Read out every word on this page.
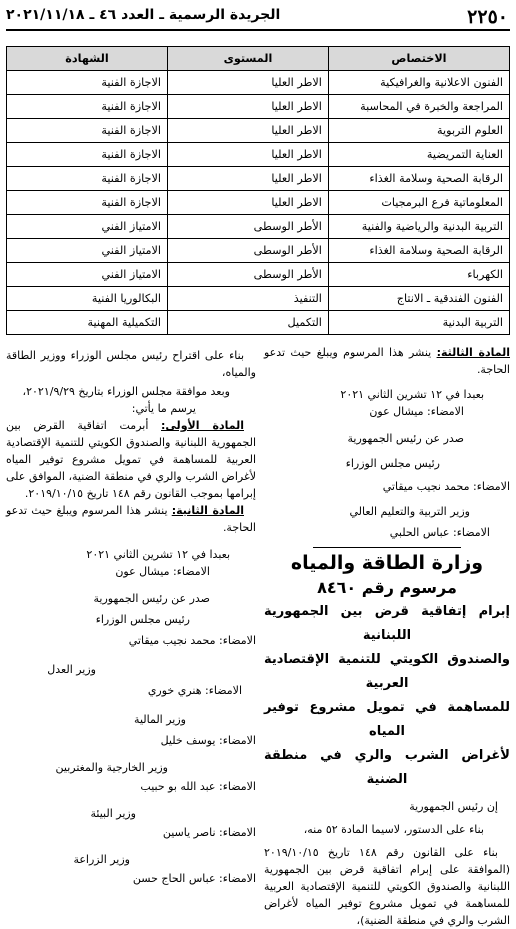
٢٢٥٠
الجريدة الرسمية ـ العدد ٤٦ ـ ٢٠٢١/١١/١٨
الاختصاص	المستوى	الشهادة
الفنون الاعلانية والغرافيكية	الاطر العليا	الاجازة الفنية
المراجعة والخبرة في المحاسبة	الاطر العليا	الاجازة الفنية
العلوم التربوية	الاطر العليا	الاجازة الفنية
العناية التمريضية	الاطر العليا	الاجازة الفنية
الرقابة الصحية وسلامة الغذاء	الاطر العليا	الاجازة الفنية
المعلوماتية فرع البرمجيات	الاطر العليا	الاجازة الفنية
التربية البدنية والرياضية والفنية	الأطر الوسطى	الامتياز الفني
الرقابة الصحية وسلامة الغذاء	الأطر الوسطى	الامتياز الفني
الكهرباء	الأطر الوسطى	الامتياز الفني
الفنون الفندقية ـ الانتاج	التنفيذ	البكالوريا الفنية
التربية البدنية	التكميل	التكميلية المهنية

المادة الثالثة: ينشر هذا المرسوم ويبلغ حيث تدعو الحاجة.

بعبدا في ١٢ تشرين الثاني ٢٠٢١

الامضاء: ميشال عون

صدر عن رئيس الجمهورية

رئيس مجلس الوزراء

الامضاء: محمد نجيب ميقاتي

وزير التربية والتعليم العالي

الامضاء: عباس الحلبي

وزارة الطاقة والمياه

مرسوم رقم ٨٤٦٠

إبرام إتفاقية قرض بين الجمهورية اللبنانية

والصندوق الكويتي للتنمية الإقتصادية العربية

للمساهمة في تمويل مشروع توفير المياه

لأغراض الشرب والري في منطقة الضنية

إن رئيس الجمهورية

بناء على الدستور، لاسيما المادة ٥٢ منه،

بناء على القانون رقم ١٤٨ تاريخ ٢٠١٩/١٠/١٥ (الموافقة على إبرام اتفاقية قرض بين الجمهورية اللبنانية والصندوق الكويتي للتنمية الإقتصادية العربية للمساهمة في تمويل مشروع توفير المياه لأغراض الشرب والري في منطقة الضنية)،

بناء على اقتراح رئيس مجلس الوزراء ووزير الطاقة والمياه،

وبعد موافقة مجلس الوزراء بتاريخ ٢٠٢١/٩/٢٩،

يرسم ما يأتي:

المادة الأولى: أبرمت اتفاقية القرض بين الجمهورية اللبنانية والصندوق الكويتي للتنمية الإقتصادية العربية للمساهمة في تمويل مشروع توفير المياه لأغراض الشرب والري في منطقة الضنية، الموافق على إبرامها بموجب القانون رقم ١٤٨ تاريخ ٢٠١٩/١٠/١٥.

المادة الثانية: ينشر هذا المرسوم ويبلغ حيث تدعو الحاجة.

بعبدا في ١٢ تشرين الثاني ٢٠٢١

الامضاء: ميشال عون

صدر عن رئيس الجمهورية

رئيس مجلس الوزراء

الامضاء: محمد نجيب ميقاتي

وزير العدل

الامضاء: هنري خوري

وزير المالية

الامضاء: يوسف خليل

وزير الخارجية والمغتربين

الامضاء: عبد الله بو حبيب

وزير البيئة

الامضاء: ناصر ياسين

وزير الزراعة

الامضاء: عباس الحاج حسن
